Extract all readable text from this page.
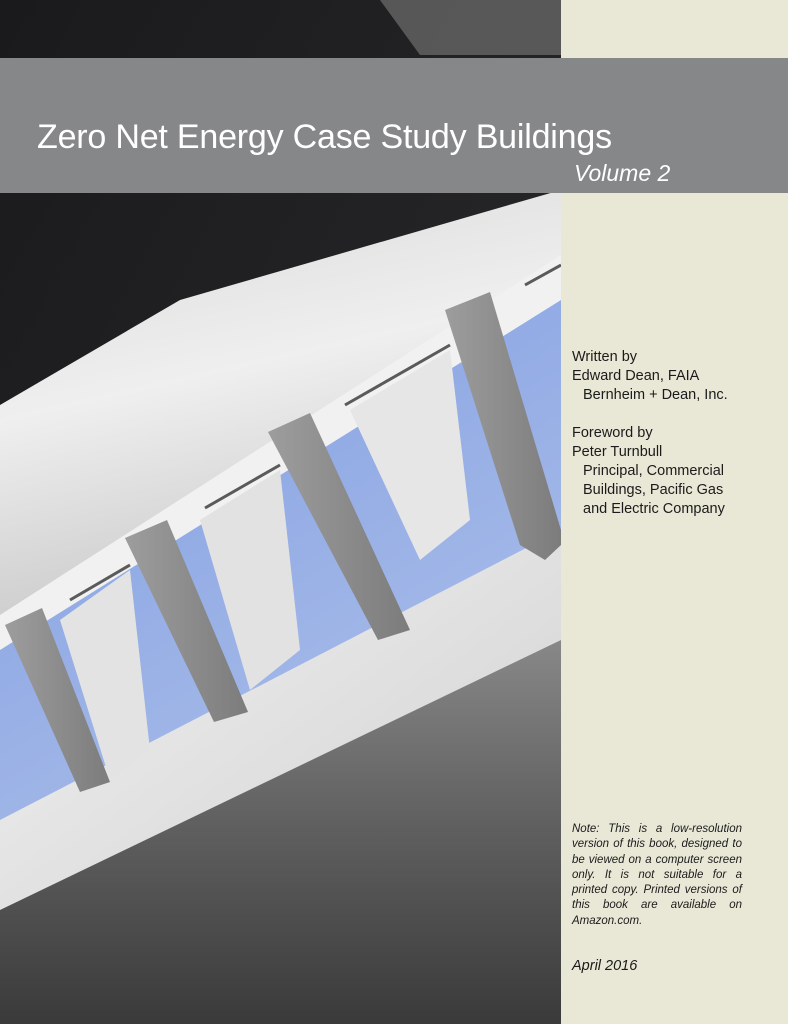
Zero Net Energy Case Study Buildings
Volume 2
Written by
Edward Dean, FAIA
Bernheim + Dean, Inc.
Foreword by
Peter Turnbull
Principal, Commercial
Buildings, Pacific Gas
and Electric Company
Note: This is a low-resolution version of this book, designed to be viewed on a computer screen only. It is not suitable for a printed copy. Printed versions of this book are available on Amazon.com.
April 2016
